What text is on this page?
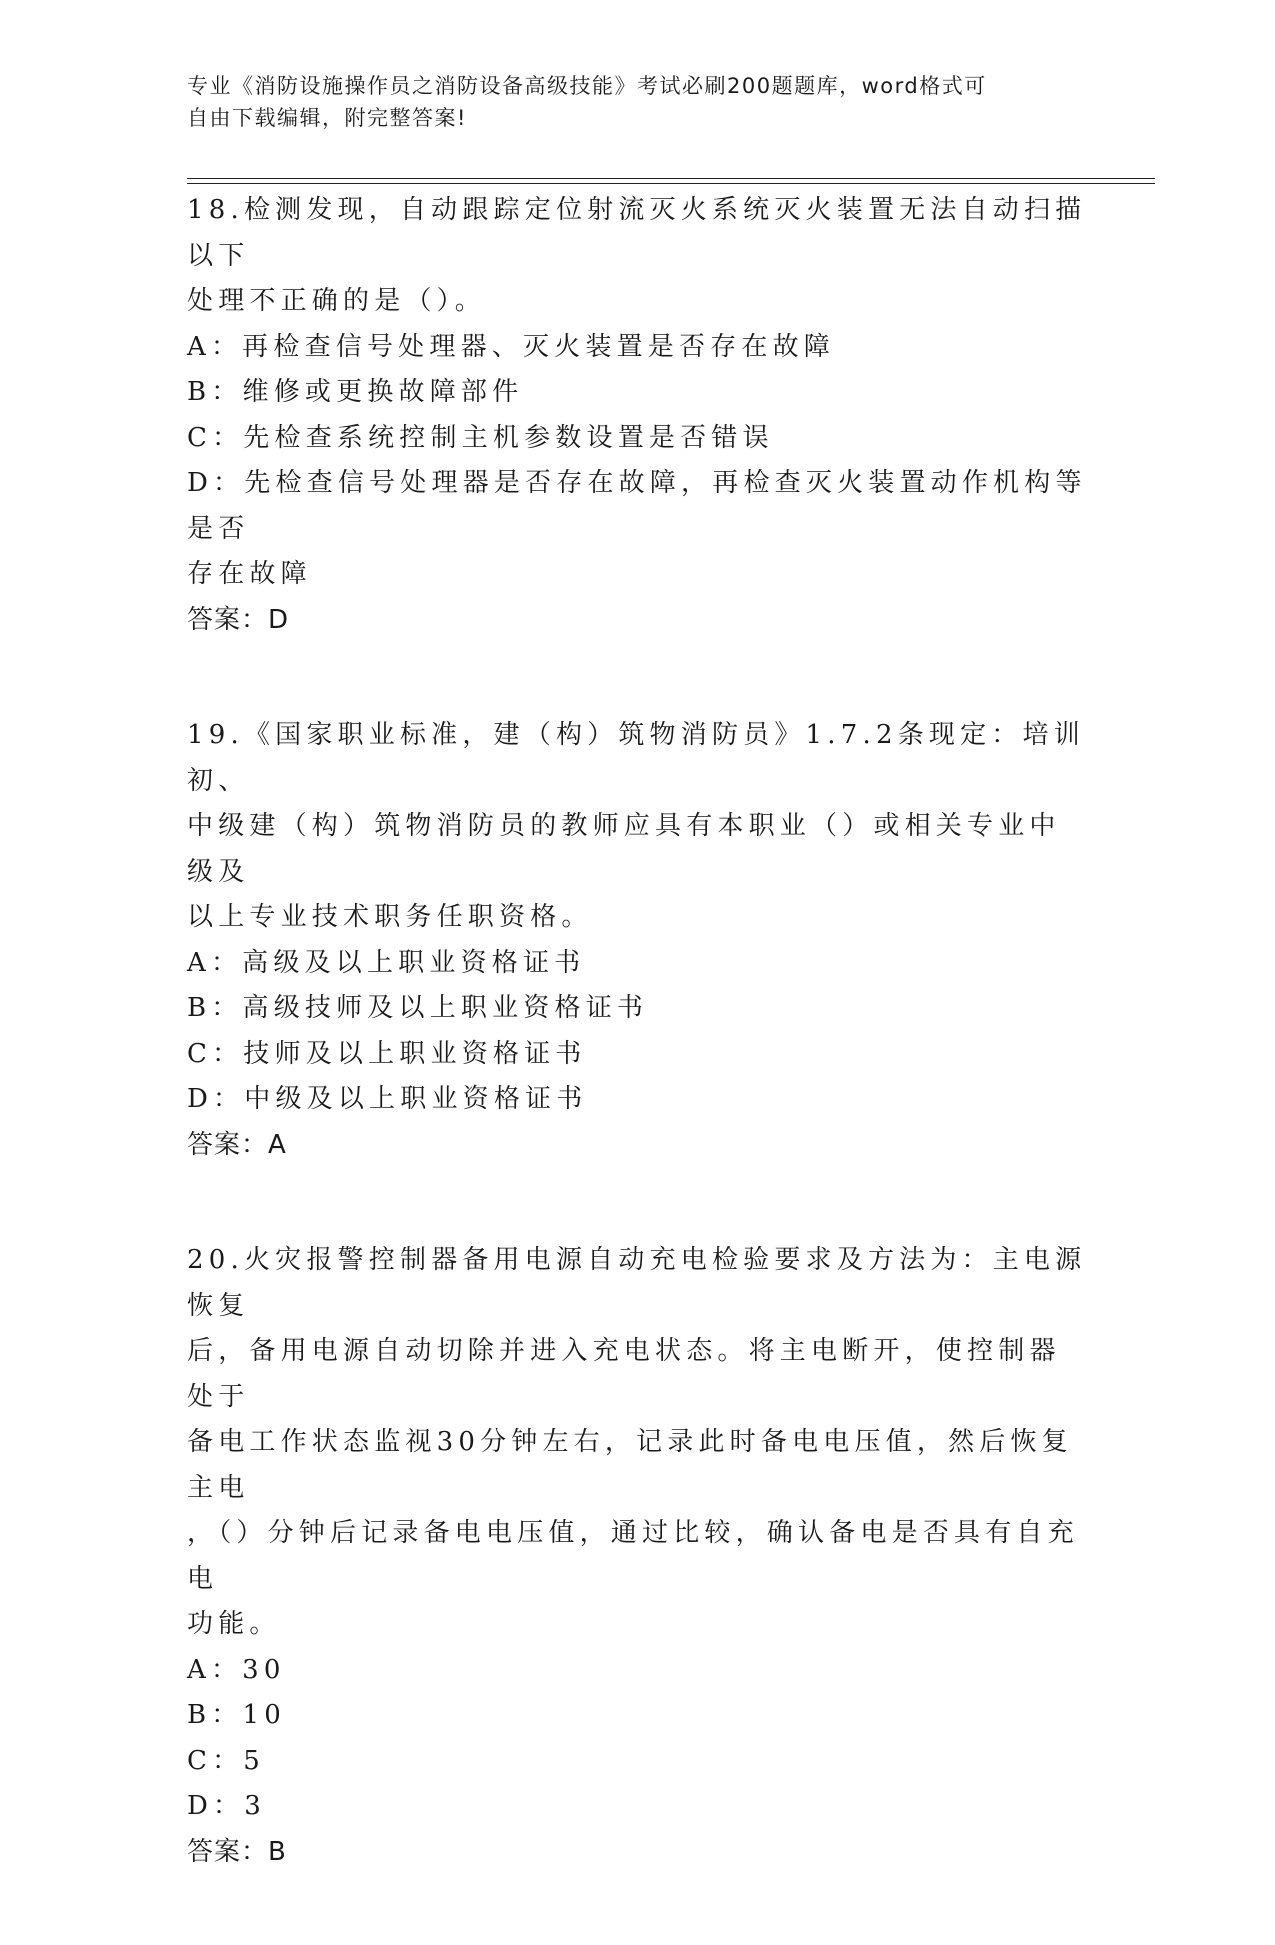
专业《消防设施操作员之消防设备高级技能》考试必刷200题题库，word格式可
自由下载编辑，附完整答案!

18.检测发现，自动跟踪定位射流灭火系统灭火装置无法自动扫描以下

处理不正确的是（）。

A：再检查信号处理器、灭火装置是否存在故障

B：维修或更换故障部件

C：先检查系统控制主机参数设置是否错误

D：先检查信号处理器是否存在故障，再检查灭火装置动作机构等是否

存在故障

答案：D

19.《国家职业标准，建（构）筑物消防员》1.7.2条现定：培训初、

中级建（构）筑物消防员的教师应具有本职业（）或相关专业中级及

以上专业技术职务任职资格。

A：高级及以上职业资格证书

B：高级技师及以上职业资格证书

C：技师及以上职业资格证书

D：中级及以上职业资格证书

答案：A

20.火灾报警控制器备用电源自动充电检验要求及方法为：主电源恢复

后，备用电源自动切除并进入充电状态。将主电断开，使控制器处于

备电工作状态监视30分钟左右，记录此时备电电压值，然后恢复主电

，（）分钟后记录备电电压值，通过比较，确认备电是否具有自充电

功能。

A：30

B：10

C：5

D：3

答案：B
